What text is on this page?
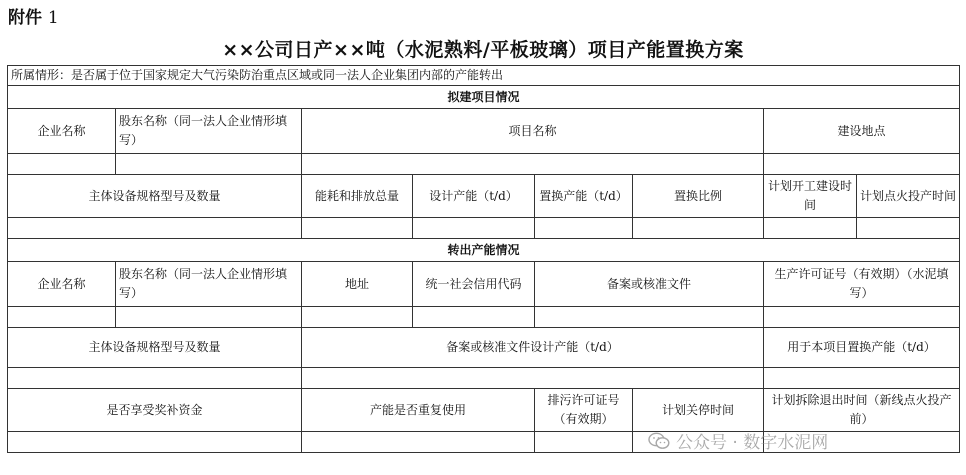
附件 1
××公司日产××吨（水泥熟料/平板玻璃）项目产能置换方案
所属情形：是否属于位于国家规定大气污染防治重点区域或同一法人企业集团内部的产能转出							
拟建项目情况							
企业名称	股东名称（同一法人企业情形填写）	项目名称				建设地点	

主体设备规格型号及数量		能耗和排放总量	设计产能（t/d）	置换产能（t/d）	置换比例	计划开工建设时间	计划点火投产时间

转出产能情况							
企业名称	股东名称（同一法人企业情形填写）	地址	统一社会信用代码	备案或核准文件		生产许可证号（有效期）（水泥填写）	

主体设备规格型号及数量		备案或核准文件设计产能（t/d）				用于本项目置换产能（t/d）	

是否享受奖补资金		产能是否重复使用		排污许可证号（有效期）	计划关停时间	计划拆除退出时间（新线点火投产前）	

公众号 · 数字水泥网
